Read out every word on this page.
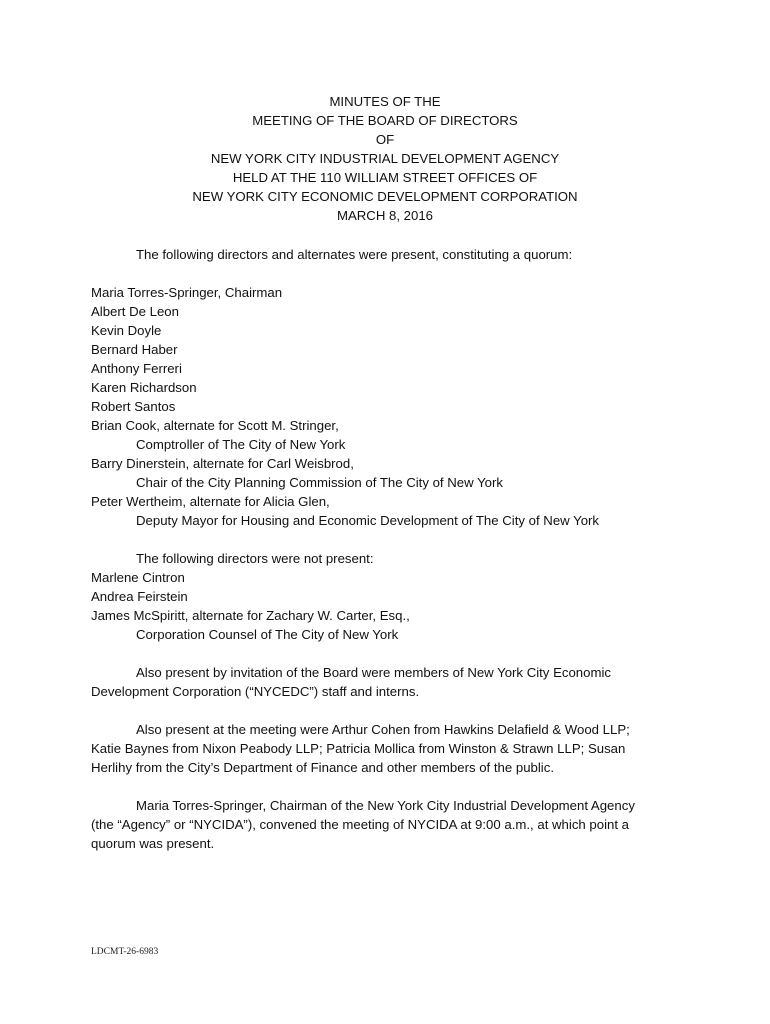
MINUTES OF THE
MEETING OF THE BOARD OF DIRECTORS
OF
NEW YORK CITY INDUSTRIAL DEVELOPMENT AGENCY
HELD AT THE 110 WILLIAM STREET OFFICES OF
NEW YORK CITY ECONOMIC DEVELOPMENT CORPORATION
MARCH 8, 2016
The following directors and alternates were present, constituting a quorum:
Maria Torres-Springer, Chairman
Albert De Leon
Kevin Doyle
Bernard Haber
Anthony Ferreri
Karen Richardson
Robert Santos
Brian Cook, alternate for Scott M. Stringer,
Comptroller of The City of New York
Barry Dinerstein, alternate for Carl Weisbrod,
Chair of the City Planning Commission of The City of New York
Peter Wertheim, alternate for Alicia Glen,
Deputy Mayor for Housing and Economic Development of The City of New York
The following directors were not present:
Marlene Cintron
Andrea Feirstein
James McSpiritt, alternate for Zachary W. Carter, Esq.,
Corporation Counsel of The City of New York
Also present by invitation of the Board were members of New York City Economic
Development Corporation (“NYCEDC”) staff and interns.
Also present at the meeting were Arthur Cohen from Hawkins Delafield & Wood LLP;
Katie Baynes from Nixon Peabody LLP; Patricia Mollica from Winston & Strawn LLP; Susan
Herlihy from the City’s Department of Finance and other members of the public.
Maria Torres-Springer, Chairman of the New York City Industrial Development Agency
(the “Agency” or “NYCIDA”), convened the meeting of NYCIDA at 9:00 a.m., at which point a
quorum was present.
LDCMT-26-6983
